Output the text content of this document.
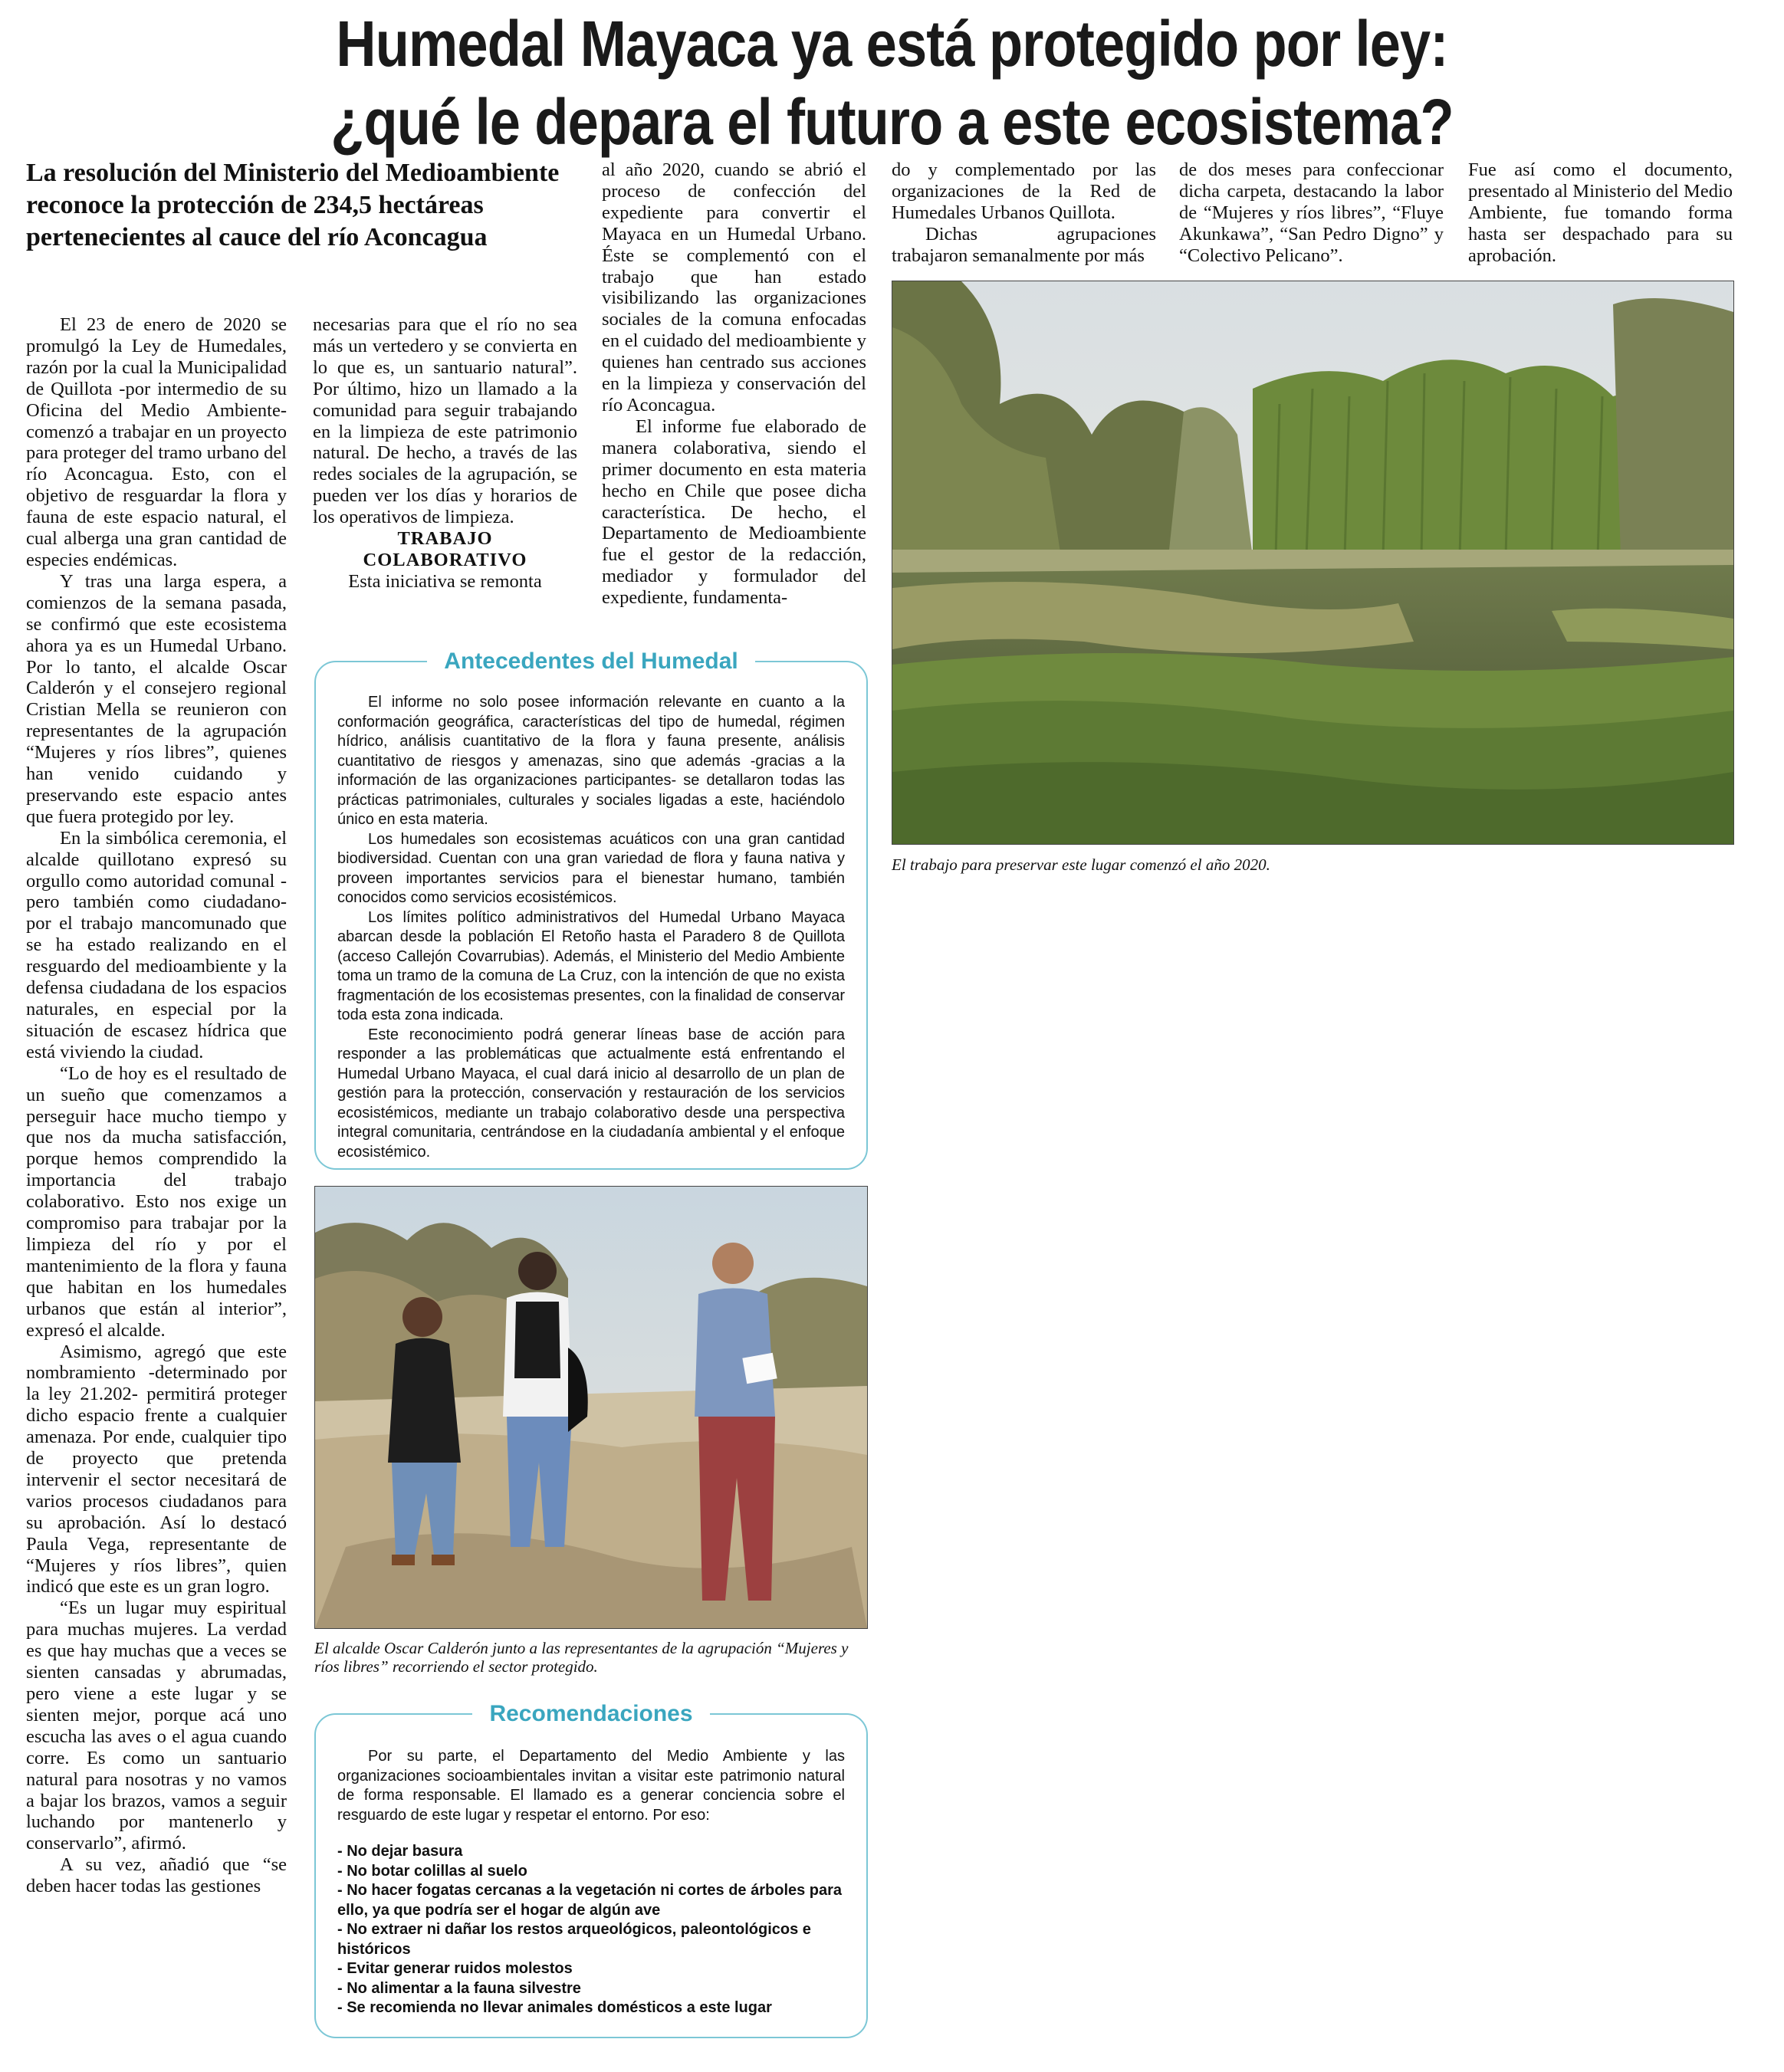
Humedal Mayaca ya está protegido por ley:
¿qué le depara el futuro a este ecosistema?
La resolución del Ministerio del Medioambiente reconoce la protección de 234,5 hectáreas pertenecientes al cauce del río Aconcagua

El 23 de enero de 2020 se promulgó la Ley de Humedales, razón por la cual la Municipalidad de Quillota -por intermedio de su Oficina del Medio Ambiente- comenzó a trabajar en un proyecto para proteger del tramo urbano del río Aconcagua. Esto, con el objetivo de resguardar la flora y fauna de este espacio natural, el cual alberga una gran cantidad de especies endémicas.

Y tras una larga espera, a comienzos de la semana pasada, se confirmó que este ecosistema ahora ya es un Humedal Urbano. Por lo tanto, el alcalde Oscar Calderón y el consejero regional Cristian Mella se reunieron con representantes de la agrupación “Mujeres y ríos libres”, quienes han venido cuidando y preservando este espacio antes que fuera protegido por ley.

En la simbólica ceremonia, el alcalde quillotano expresó su orgullo como autoridad comunal -pero también como ciudadano- por el trabajo mancomunado que se ha estado realizando en el resguardo del medioambiente y la defensa ciudadana de los espacios naturales, en especial por la situación de escasez hídrica que está viviendo la ciudad.

“Lo de hoy es el resultado de un sueño que comenzamos a perseguir hace mucho tiempo y que nos da mucha satisfacción, porque hemos comprendido la importancia del trabajo colaborativo. Esto nos exige un compromiso para trabajar por la limpieza del río y por el mantenimiento de la flora y fauna que habitan en los humedales urbanos que están al interior”, expresó el alcalde.

Asimismo, agregó que este nombramiento -determinado por la ley 21.202- permitirá proteger dicho espacio frente a cualquier amenaza. Por ende, cualquier tipo de proyecto que pretenda intervenir el sector necesitará de varios procesos ciudadanos para su aprobación. Así lo destacó Paula Vega, representante de “Mujeres y ríos libres”, quien indicó que este es un gran logro.

“Es un lugar muy espiritual para muchas mujeres. La verdad es que hay muchas que a veces se sienten cansadas y abrumadas, pero viene a este lugar y se sienten mejor, porque acá uno escucha las aves o el agua cuando corre. Es como un santuario natural para nosotras y no vamos a bajar los brazos, vamos a seguir luchando por mantenerlo y conservarlo”, afirmó.

A su vez, añadió que “se deben hacer todas las gestiones

necesarias para que el río no sea más un vertedero y se convierta en lo que es, un santuario natural”. Por último, hizo un llamado a la comunidad para seguir trabajando en la limpieza de este patrimonio natural. De hecho, a través de las redes sociales de la agrupación, se pueden ver los días y horarios de los operativos de limpieza.

TRABAJO

COLABORATIVO

Esta iniciativa se remonta

al año 2020, cuando se abrió el proceso de confección del expediente para convertir el Mayaca en un Humedal Urbano. Éste se complementó con el trabajo que han estado visibilizando las organizaciones sociales de la comuna enfocadas en el cuidado del medioambiente y quienes han centrado sus acciones en la limpieza y conservación del río Aconcagua.

El informe fue elaborado de manera colaborativa, siendo el primer documento en esta materia hecho en Chile que posee dicha característica. De hecho, el Departamento de Medioambiente fue el gestor de la redacción, mediador y formulador del expediente, fundamenta-

do y complementado por las organizaciones de la Red de Humedales Urbanos Quillota.

Dichas agrupaciones trabajaron semanalmente por más

de dos meses para confeccionar dicha carpeta, destacando la labor de “Mujeres y ríos libres”, “Fluye Akunkawa”, “San Pedro Digno” y “Colectivo Pelicano”.

Fue así como el documento, presentado al Ministerio del Medio Ambiente, fue tomando forma hasta ser despachado para su aprobación.

Antecedentes del Humedal

El informe no solo posee información relevante en cuanto a la conformación geográfica, características del tipo de humedal, régimen hídrico, análisis cuantitativo de la flora y fauna presente, análisis cuantitativo de riesgos y amenazas, sino que además -gracias a la información de las organizaciones participantes- se detallaron todas las prácticas patrimoniales, culturales y sociales ligadas a este, haciéndolo único en esta materia.

Los humedales son ecosistemas acuáticos con una gran cantidad biodiversidad. Cuentan con una gran variedad de flora y fauna nativa y proveen importantes servicios para el bienestar humano, también conocidos como servicios ecosistémicos.

Los límites político administrativos del Humedal Urbano Mayaca abarcan desde la población El Retoño hasta el Paradero 8 de Quillota (acceso Callejón Covarrubias). Además, el Ministerio del Medio Ambiente toma un tramo de la comuna de La Cruz, con la intención de que no exista fragmentación de los ecosistemas presentes, con la finalidad de conservar toda esta zona indicada.

Este reconocimiento podrá generar líneas base de acción para responder a las problemáticas que actualmente está enfrentando el Humedal Urbano Mayaca, el cual dará inicio al desarrollo de un plan de gestión para la protección, conservación y restauración de los servicios ecosistémicos, mediante un trabajo colaborativo desde una perspectiva integral comunitaria, centrándose en la ciudadanía ambiental y el enfoque ecosistémico.

El alcalde Oscar Calderón junto a las representantes de la agrupación “Mujeres y ríos libres” recorriendo el sector protegido.
Recomendaciones

Por su parte, el Departamento del Medio Ambiente y las organizaciones socioambientales invitan a visitar este patrimonio natural de forma responsable. El llamado es a generar conciencia sobre el resguardo de este lugar y respetar el entorno. Por eso:

- No dejar basura
- No botar colillas al suelo
- No hacer fogatas cercanas a la vegetación ni cortes de árboles para ello, ya que podría ser el hogar de algún ave
- No extraer ni dañar los restos arqueológicos, paleontológicos e históricos
- Evitar generar ruidos molestos
- No alimentar a la fauna silvestre
- Se recomienda no llevar animales domésticos a este lugar
El trabajo para preservar este lugar comenzó el año 2020.
